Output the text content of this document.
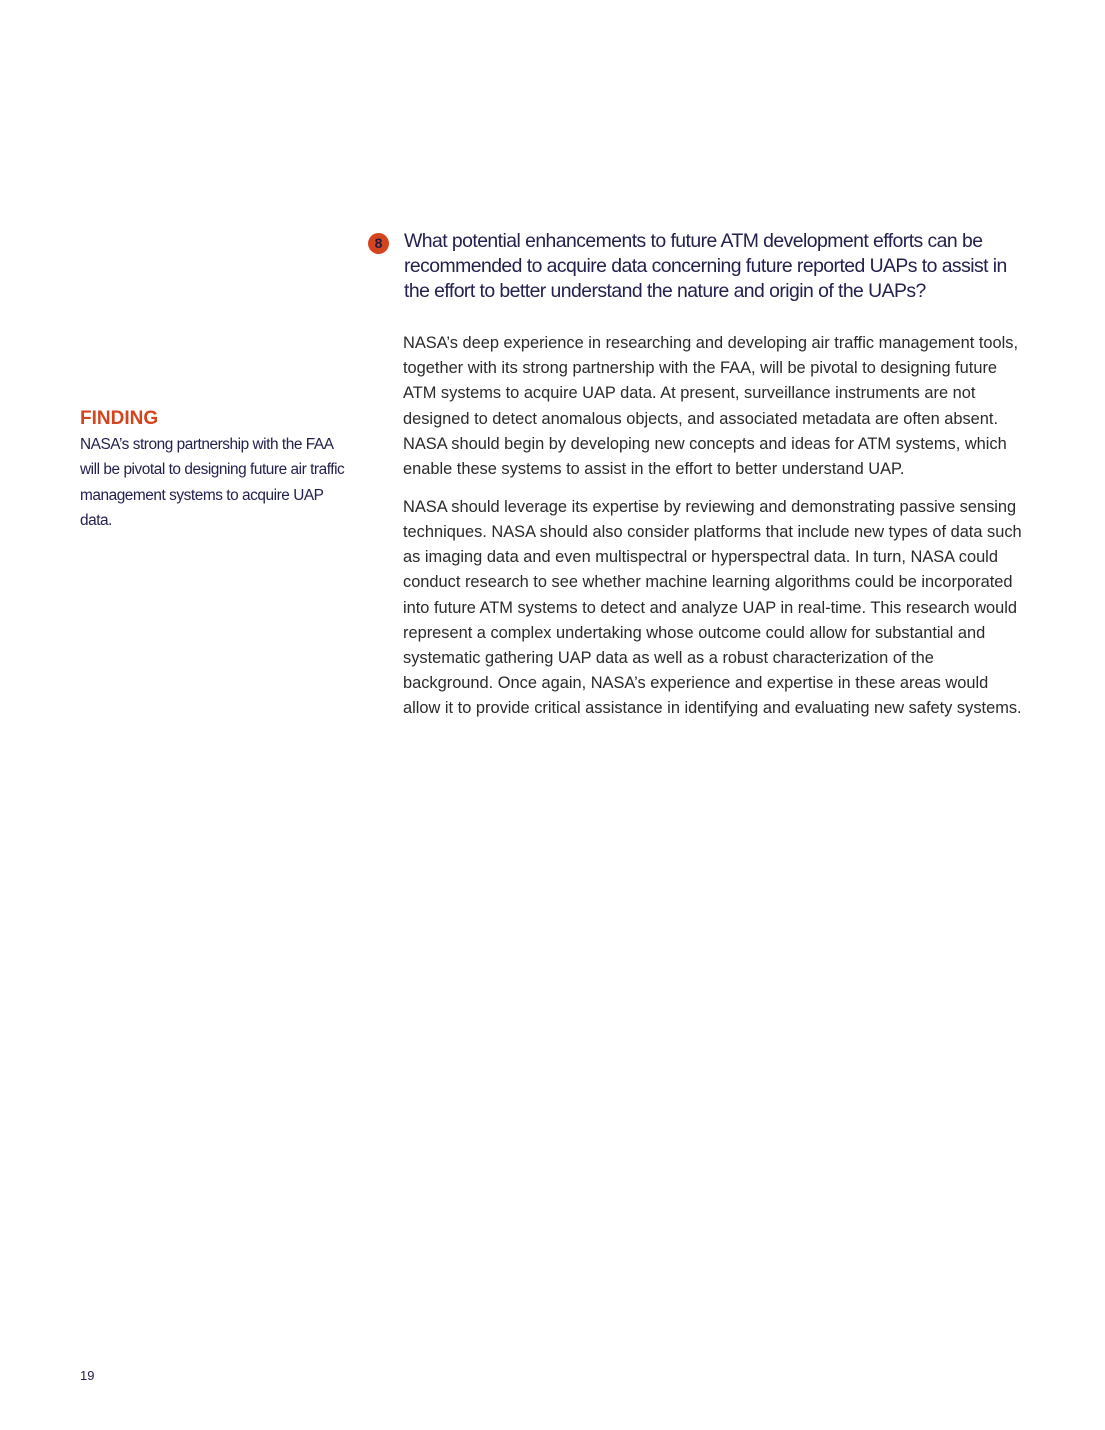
8	What potential enhancements to future ATM development efforts can be recommended to acquire data concerning future reported UAPs to assist in the effort to better understand the nature and origin of the UAPs?
FINDING

NASA’s strong partnership with the FAA will be pivotal to designing future air traffic management systems to acquire UAP data.

NASA’s deep experience in researching and developing air traffic management tools, together with its strong partnership with the FAA, will be pivotal to designing future ATM systems to acquire UAP data. At present, surveillance instruments are not designed to detect anomalous objects, and associated metadata are often absent. NASA should begin by developing new concepts and ideas for ATM systems, which enable these systems to assist in the effort to better understand UAP.

NASA should leverage its expertise by reviewing and demonstrating passive sensing techniques. NASA should also consider platforms that include new types of data such as imaging data and even multispectral or hyperspectral data. In turn, NASA could conduct research to see whether machine learning algorithms could be incorporated into future ATM systems to detect and analyze UAP in real-time. This research would represent a complex undertaking whose outcome could allow for substantial and systematic gathering UAP data as well as a robust characterization of the background. Once again, NASA’s experience and expertise in these areas would allow it to provide critical assistance in identifying and evaluating new safety systems.

19
